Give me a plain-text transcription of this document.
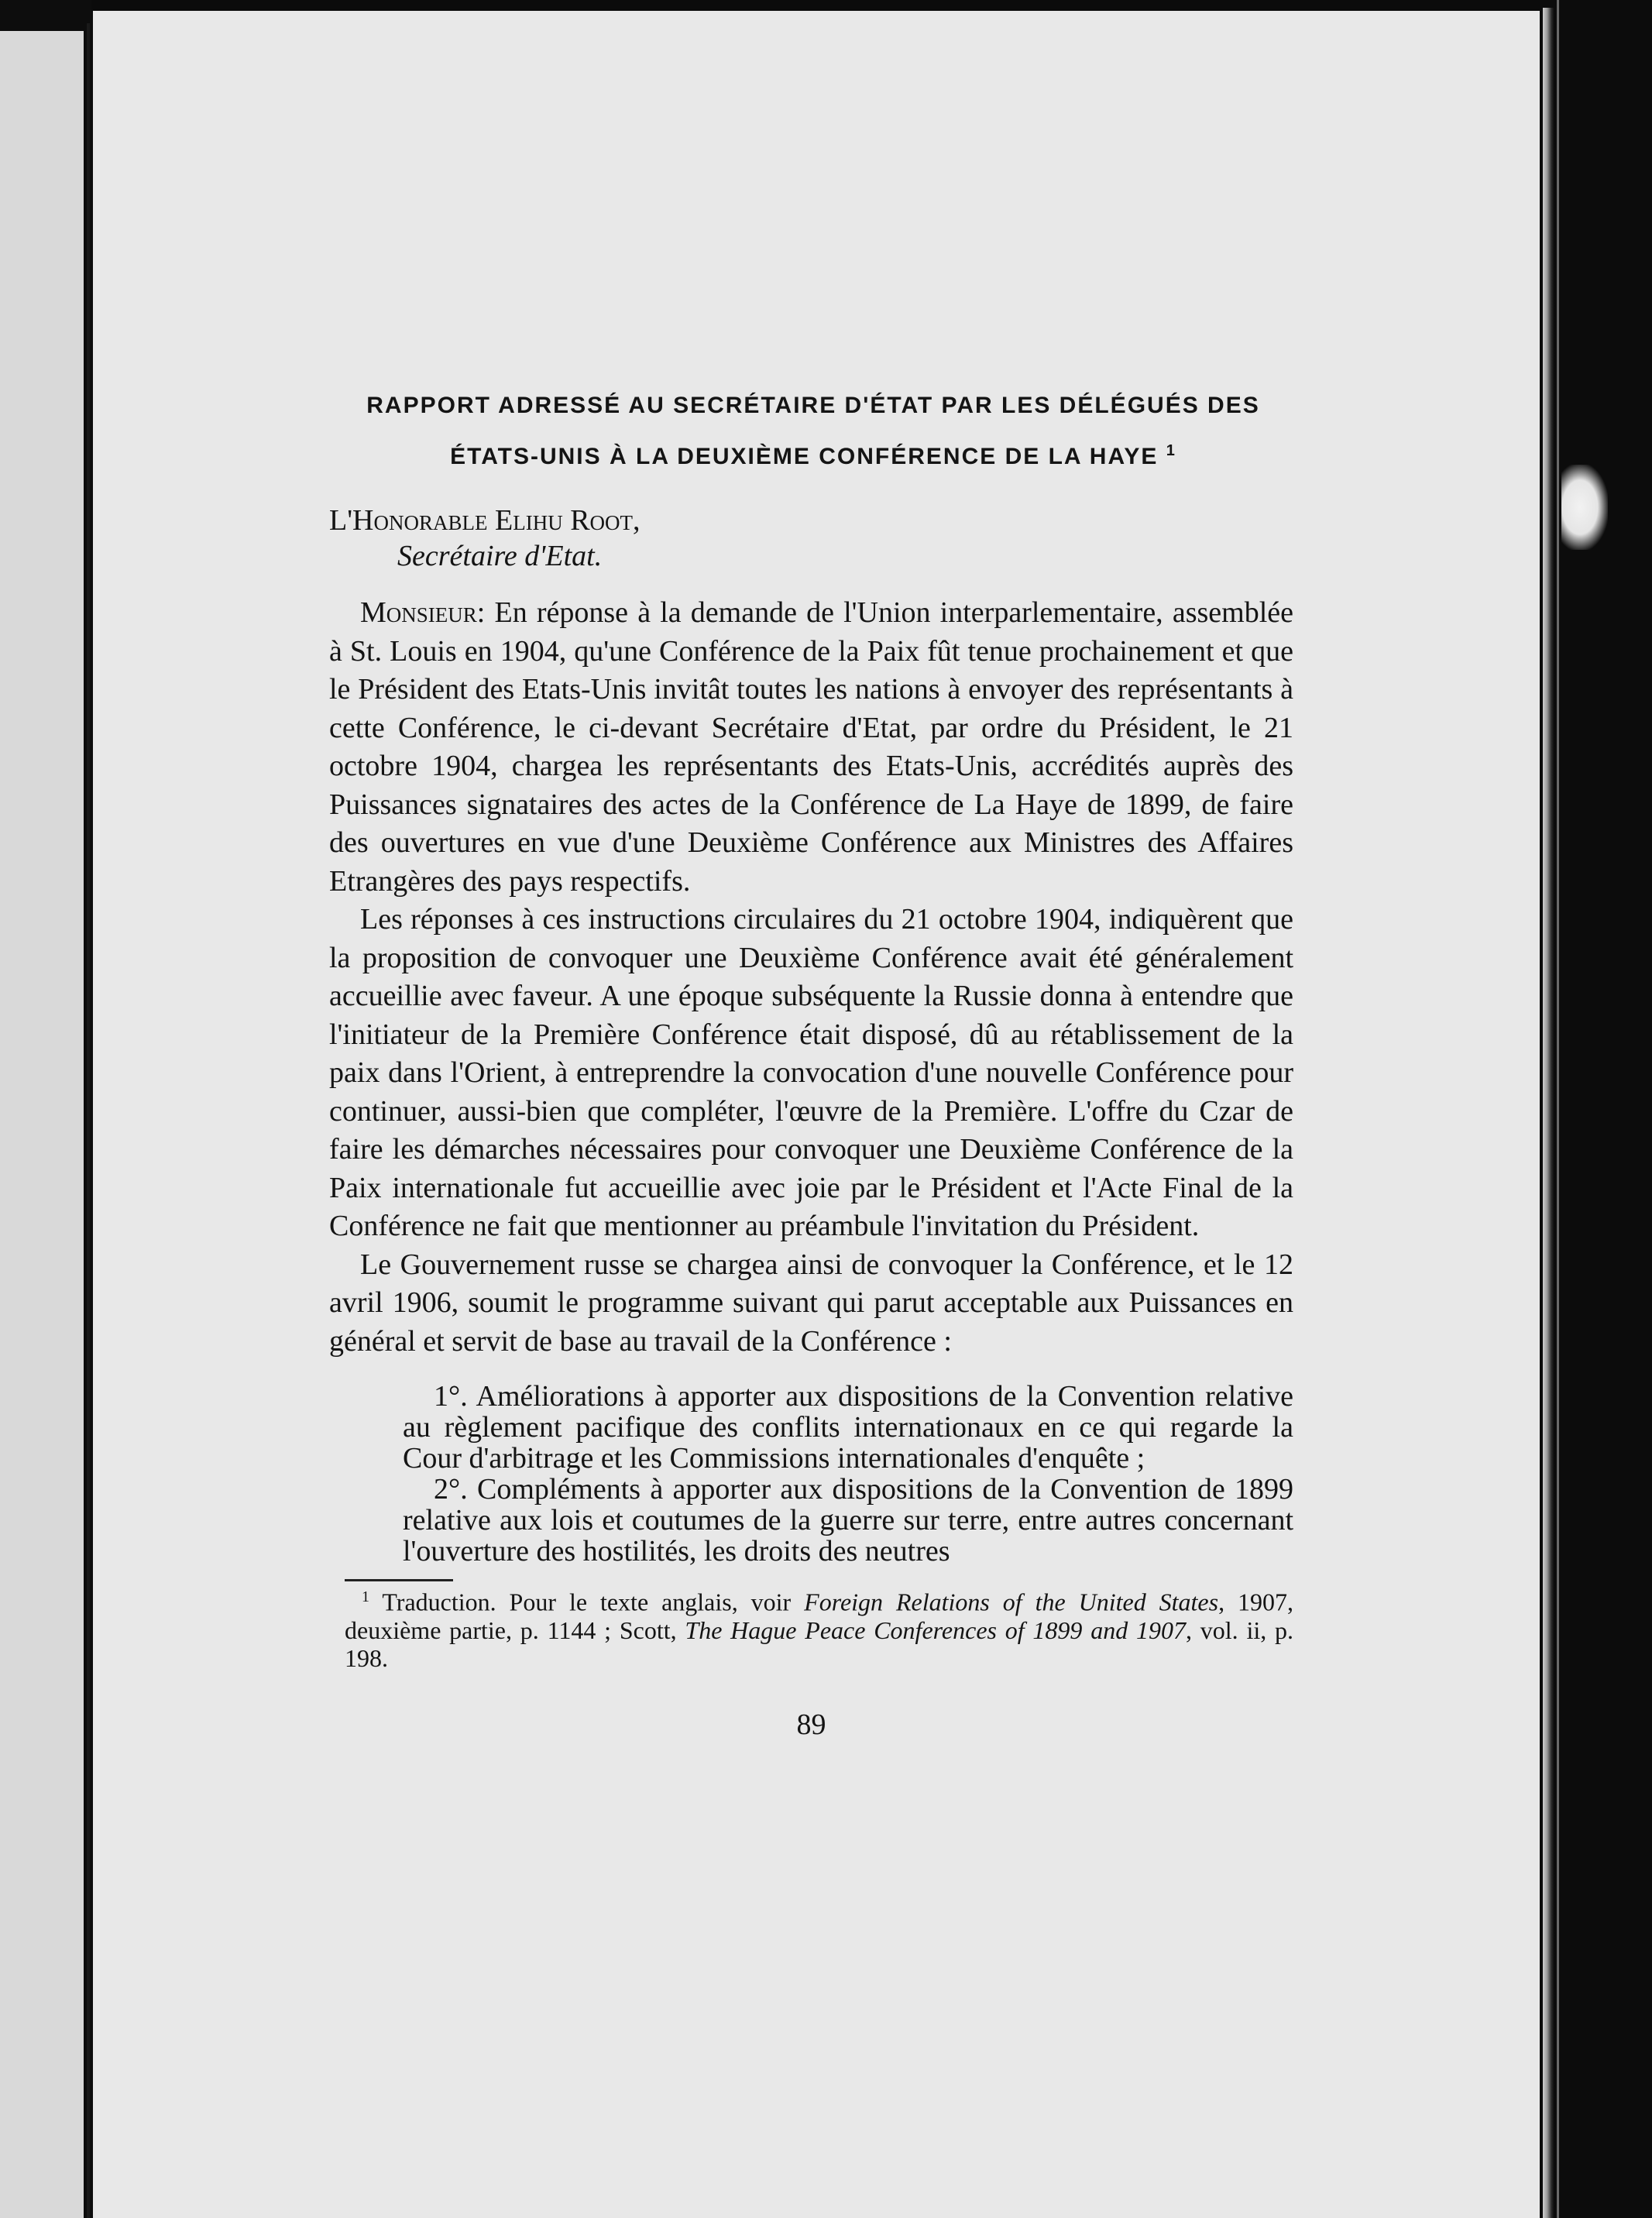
RAPPORT ADRESSÉ AU SECRÉTAIRE D'ÉTAT PAR LES DÉLÉGUÉS DES
ÉTATS-UNIS À LA DEUXIÈME CONFÉRENCE DE LA HAYE $^1$
L'Honorable Elihu Root,
Secrétaire d'Etat.

Monsieur: En réponse à la demande de l'Union interparlementaire, assemblée à St. Louis en 1904, qu'une Conférence de la Paix fût tenue prochainement et que le Président des Etats-Unis invitât toutes les nations à envoyer des représentants à cette Conférence, le ci-devant Secrétaire d'Etat, par ordre du Président, le 21 octobre 1904, chargea les représentants des Etats-Unis, accrédités auprès des Puissances signataires des actes de la Conférence de La Haye de 1899, de faire des ouvertures en vue d'une Deuxième Conférence aux Ministres des Affaires Etrangères des pays respectifs.

Les réponses à ces instructions circulaires du 21 octobre 1904, indiquèrent que la proposition de convoquer une Deuxième Conférence avait été généralement accueillie avec faveur. A une époque subséquente la Russie donna à entendre que l'initiateur de la Première Conférence était disposé, dû au rétablissement de la paix dans l'Orient, à entreprendre la convocation d'une nouvelle Conférence pour continuer, aussi-bien que compléter, l'œuvre de la Première. L'offre du Czar de faire les démarches nécessaires pour convoquer une Deuxième Conférence de la Paix internationale fut accueillie avec joie par le Président et l'Acte Final de la Conférence ne fait que mentionner au préambule l'invitation du Président.

Le Gouvernement russe se chargea ainsi de convoquer la Conférence, et le 12 avril 1906, soumit le programme suivant qui parut acceptable aux Puissances en général et servit de base au travail de la Conférence :

1°. Améliorations à apporter aux dispositions de la Convention relative au règlement pacifique des conflits internationaux en ce qui regarde la Cour d'arbitrage et les Commissions internationales d'enquête ;

2°. Compléments à apporter aux dispositions de la Convention de 1899 relative aux lois et coutumes de la guerre sur terre, entre autres concernant l'ouverture des hostilités, les droits des neutres

$^1$ Traduction. Pour le texte anglais, voir Foreign Relations of the United States, 1907, deuxième partie, p. 1144 ; Scott, The Hague Peace Conferences of 1899 and 1907, vol. ii, p. 198.

89
